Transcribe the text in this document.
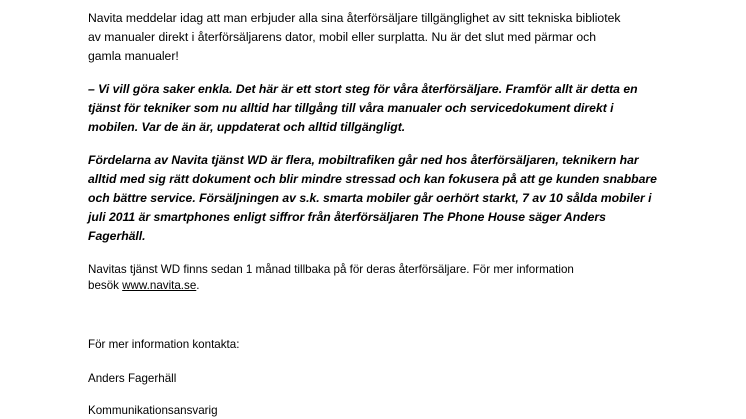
Navita meddelar idag att man erbjuder alla sina återförsäljare tillgänglighet av sitt tekniska bibliotek
av manualer direkt i återförsäljarens dator, mobil eller surplatta. Nu är det slut med pärmar och
gamla manualer!

– Vi vill göra saker enkla. Det här är ett stort steg för våra återförsäljare. Framför allt är detta en
tjänst för tekniker som nu alltid har tillgång till våra manualer och servicedokument direkt i
mobilen. Var de än är, uppdaterat och alltid tillgängligt.

Fördelarna av Navita tjänst WD är flera, mobiltrafiken går ned hos återförsäljaren, teknikern har
alltid med sig rätt dokument och blir mindre stressad och kan fokusera på att ge kunden snabbare
och bättre service. Försäljningen av s.k. smarta mobiler går oerhört starkt, 7 av 10 sålda mobiler i
juli 2011 är smartphones enligt siffror från återförsäljaren The Phone House säger Anders
Fagerhäll.

Navitas tjänst WD finns sedan 1 månad tillbaka på för deras återförsäljare. För mer information
besök www.navita.se.

För mer information kontakta:

Anders Fagerhäll

Kommunikationsansvarig
